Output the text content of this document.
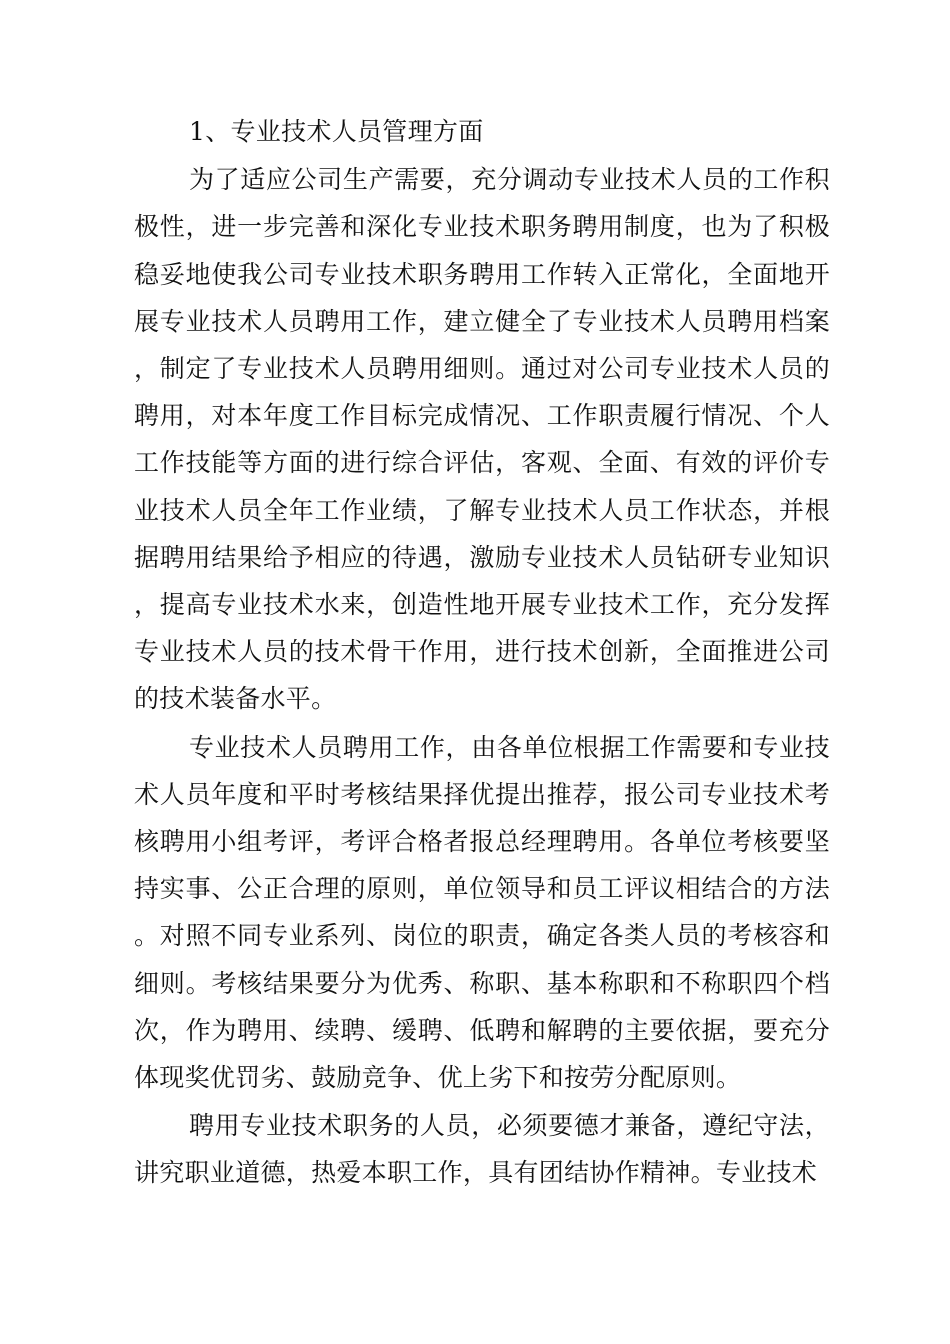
1、专业技术人员管理方面

为了适应公司生产需要，充分调动专业技术人员的工作积极性，进一步完善和深化专业技术职务聘用制度，也为了积极稳妥地使我公司专业技术职务聘用工作转入正常化，全面地开展专业技术人员聘用工作，建立健全了专业技术人员聘用档案，制定了专业技术人员聘用细则。通过对公司专业技术人员的聘用，对本年度工作目标完成情况、工作职责履行情况、个人工作技能等方面的进行综合评估，客观、全面、有效的评价专业技术人员全年工作业绩，了解专业技术人员工作状态，并根据聘用结果给予相应的待遇，激励专业技术人员钻研专业知识，提高专业技术水来，创造性地开展专业技术工作，充分发挥专业技术人员的技术骨干作用，进行技术创新，全面推进公司的技术装备水平。

专业技术人员聘用工作，由各单位根据工作需要和专业技术人员年度和平时考核结果择优提出推荐，报公司专业技术考核聘用小组考评，考评合格者报总经理聘用。各单位考核要坚持实事、公正合理的原则，单位领导和员工评议相结合的方法。对照不同专业系列、岗位的职责，确定各类人员的考核容和细则。考核结果要分为优秀、称职、基本称职和不称职四个档次，作为聘用、续聘、缓聘、低聘和解聘的主要依据，要充分体现奖优罚劣、鼓励竞争、优上劣下和按劳分配原则。

聘用专业技术职务的人员，必须要德才兼备，遵纪守法，讲究职业道德，热爱本职工作，具有团结协作精神。专业技术
